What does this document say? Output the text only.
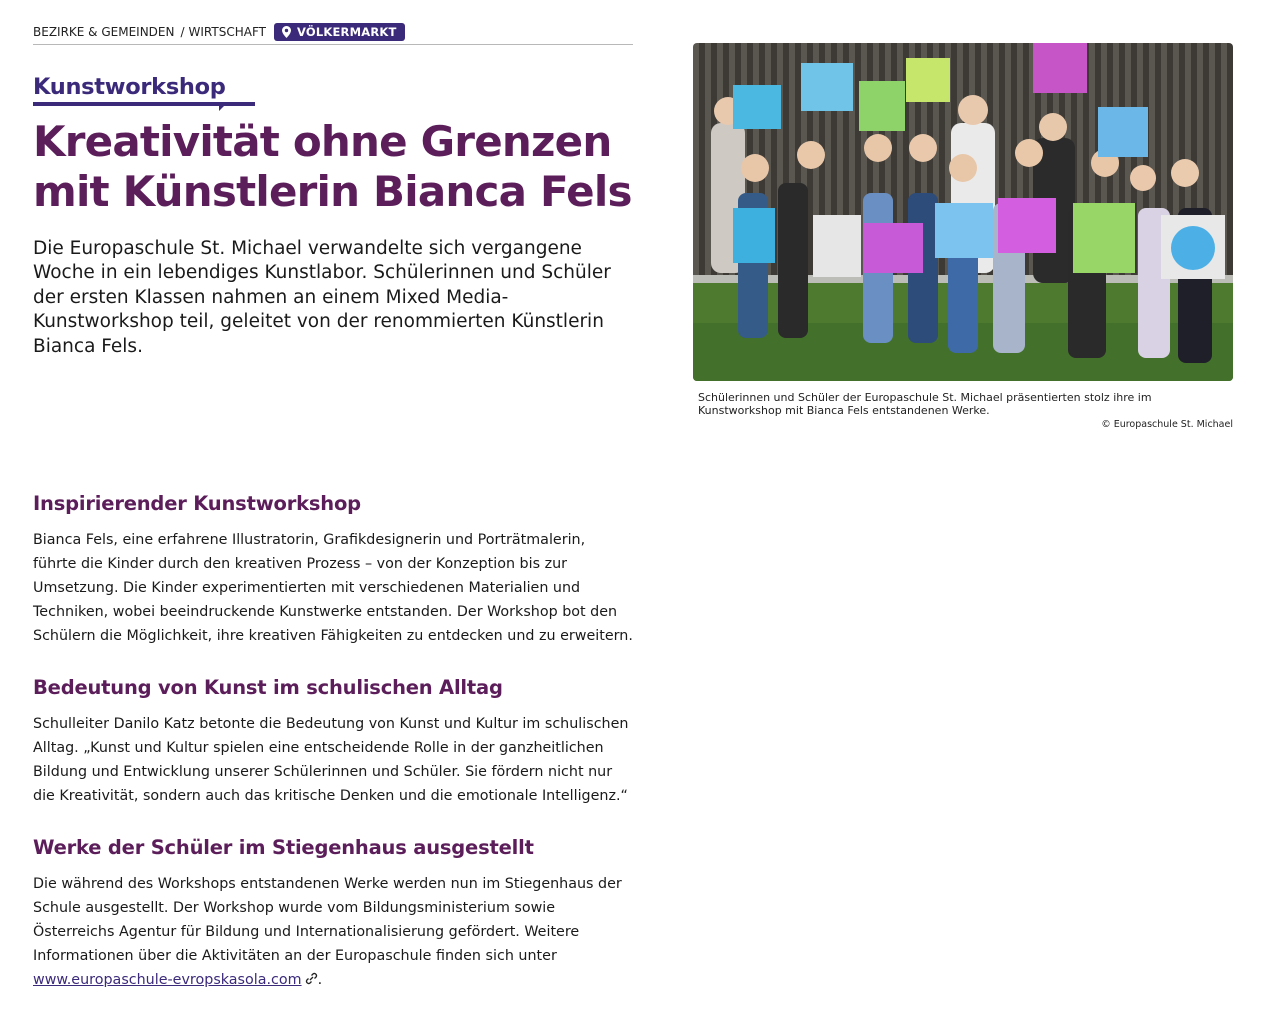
BEZIRKE & GEMEINDEN / WIRTSCHAFT	VÖLKERMARKT
Kunstworkshop
Kreativität ohne Grenzen mit Künstlerin Bianca Fels
Die Europaschule St. Michael verwandelte sich vergangene Woche in ein lebendiges Kunstlabor. Schülerinnen und Schüler der ersten Klassen nahmen an einem Mixed Media-Kunstworkshop teil, geleitet von der renommierten Künstlerin Bianca Fels.
Inspirierender Kunstworkshop

Bianca Fels, eine erfahrene Illustratorin, Grafikdesignerin und Porträtmalerin, führte die Kinder durch den kreativen Prozess – von der Konzeption bis zur Umsetzung. Die Kinder experimentierten mit verschiedenen Materialien und Techniken, wobei beeindruckende Kunstwerke entstanden. Der Workshop bot den Schülern die Möglichkeit, ihre kreativen Fähigkeiten zu entdecken und zu erweitern.

Bedeutung von Kunst im schulischen Alltag

Schulleiter Danilo Katz betonte die Bedeutung von Kunst und Kultur im schulischen Alltag. „Kunst und Kultur spielen eine entscheidende Rolle in der ganzheitlichen Bildung und Entwicklung unserer Schülerinnen und Schüler. Sie fördern nicht nur die Kreativität, sondern auch das kritische Denken und die emotionale Intelligenz.“

Werke der Schüler im Stiegenhaus ausgestellt

Die während des Workshops entstandenen Werke werden nun im Stiegenhaus der Schule ausgestellt. Der Workshop wurde vom Bildungsministerium sowie Österreichs Agentur für Bildung und Internationalisierung gefördert. Weitere Informationen über die Aktivitäten an der Europaschule finden sich unter www.europaschule-evropskasola.com .

Schülerinnen und Schüler der Europaschule St. Michael präsentierten stolz ihre im Kunstworkshop mit Bianca Fels entstandenen Werke.
© Europaschule St. Michael
